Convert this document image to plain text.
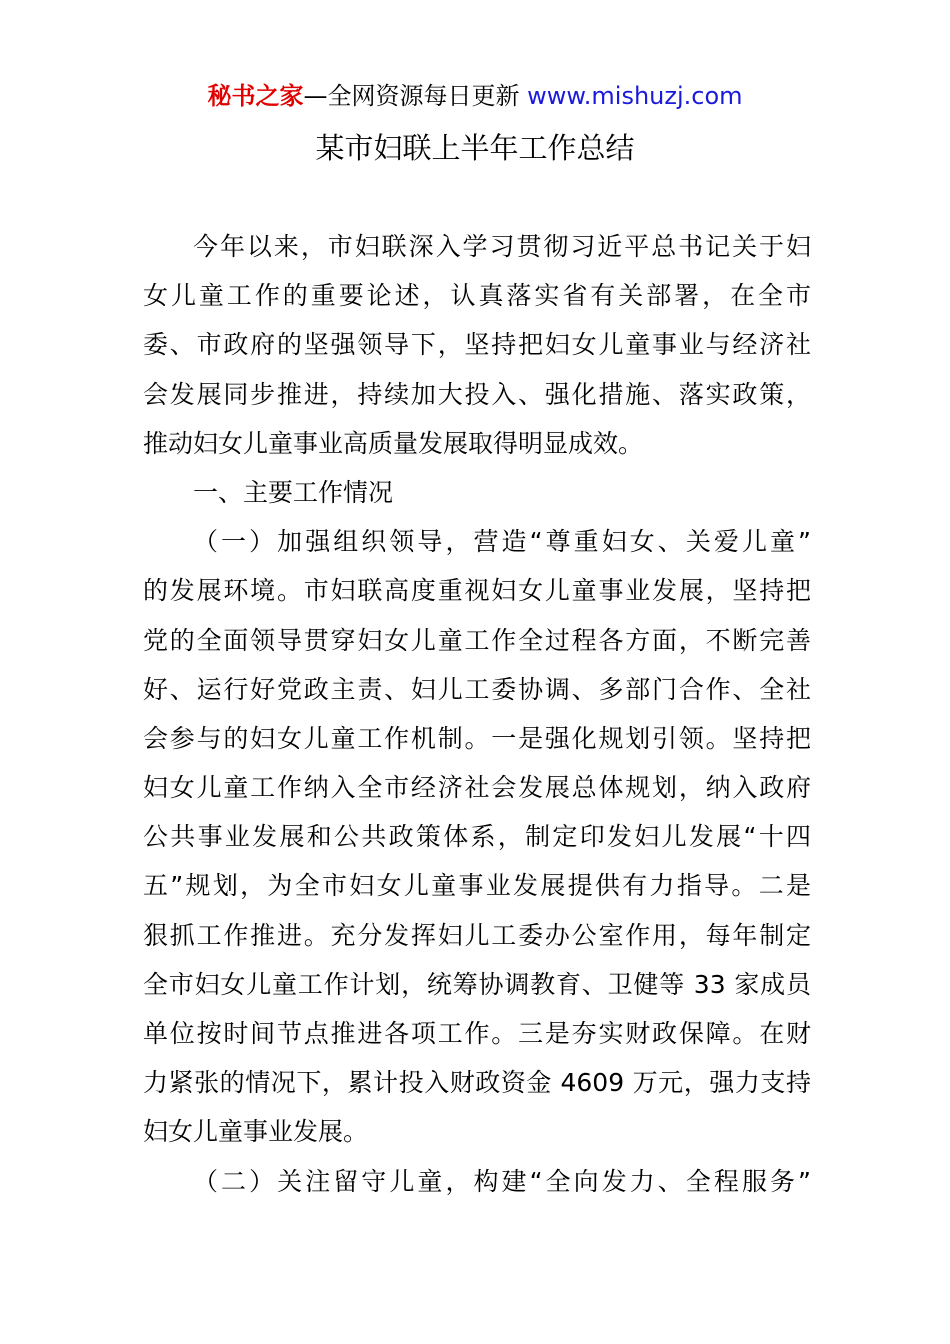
秘书之家—全网资源每日更新 www.mishuzj.com
某市妇联上半年工作总结
今年以来，市妇联深入学习贯彻习近平总书记关于妇
女儿童工作的重要论述，认真落实省有关部署，在全市
委、市政府的坚强领导下，坚持把妇女儿童事业与经济社
会发展同步推进，持续加大投入、强化措施、落实政策，
推动妇女儿童事业高质量发展取得明显成效。
一、主要工作情况
（一）加强组织领导，营造“尊重妇女、关爱儿童”
的发展环境。市妇联高度重视妇女儿童事业发展，坚持把
党的全面领导贯穿妇女儿童工作全过程各方面，不断完善
好、运行好党政主责、妇儿工委协调、多部门合作、全社
会参与的妇女儿童工作机制。一是强化规划引领。坚持把
妇女儿童工作纳入全市经济社会发展总体规划，纳入政府
公共事业发展和公共政策体系，制定印发妇儿发展“十四
五”规划，为全市妇女儿童事业发展提供有力指导。二是
狠抓工作推进。充分发挥妇儿工委办公室作用，每年制定
全市妇女儿童工作计划，统筹协调教育、卫健等 33 家成员
单位按时间节点推进各项工作。三是夯实财政保障。在财
力紧张的情况下，累计投入财政资金 4609 万元，强力支持
妇女儿童事业发展。
（二）关注留守儿童，构建“全向发力、全程服务”
